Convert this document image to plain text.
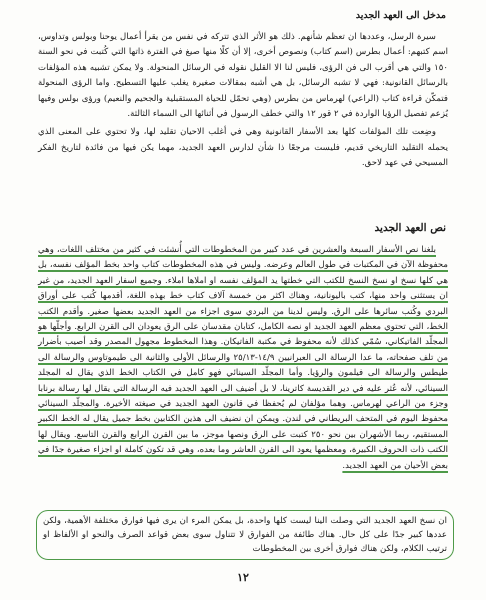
مدخل الى العهد الجديد

سيرة الرسل، وعددها ان تعظم شأنهم. ذلك هو الأثر الذي تتركه في نفس من يقرأ أعمال يوحنا وبولس وتداوس، اسم كتبهم: أعمال بطرس (اسم كتاب) ونصوص أخرى، إلا أن كلًا منها صيغ في الفترة ذاتها التي كُتبت في نحو السنة ١٥٠ والتي هي أقرب الى فن الرؤى، فليس لنا الا القليل نقوله في الرسائل المنحولة. ولا يمكن تشبيه هذه المؤلفات بالرسائل القانونية: فهي لا تشبه الرسائل، بل هي أشبه بمقالات صغيرة يغلب عليها التسطيح. واما الرؤى المنحولة فتمكّن قراءة كتاب (الراعي) لهرماس من بطرس (وهي تحمّل للحياة المستقبلية والجحيم والنعيم) ورؤى بولس وفيها يُزعم تفصيل الرؤيا الواردة في ٢ قور ١٢ والتي خطف الرسول في أثنائها الى السماء الثالثة.

وضِعت تلك المؤلفات كلها بعد الأسفار القانونية وهي في أغلب الاحيان تقليد لها، ولا تحتوي على المعنى الذي يحمله التقليد التاريخي قديم، فليست مرجعًا ذا شأن لدارس العهد الجديد، مهما يكن فيها من فائدة لتاريخ الفكر المسيحي في عهد لاحق.

نص العهد الجديد

بلغنا نص الأسفار السبعة والعشرين في عدد كبير من المخطوطات التي أُنشئت في كثير من مختلف اللغات، وهي محفوظة الآن في المكتبات في طول العالم وعرضه. وليس في هذه المخطوطات كتاب واحد بخط المؤلف نفسه، بل هي كلها نسخ او نسخ النسخ للكتب التي خطتها يد المؤلف نفسه او املاها املاء. وجميع اسفار العهد الجديد، من غير ان يستثنى واحد منها، كتب باليونانية، وهناك اكثر من خمسة آلاف كتاب خط بهذه اللغة، أقدمها كُتب على أوراق البردي وكُتب سائرها على الرق. وليس لدينا من البردي سوى اجزاء من العهد الجديد بعضها صغير. وأقدم الكتب الخط، التي تحتوي معظم العهد الجديد او نصه الكامل، كتابان مقدسان على الرق يعودان الى القرن الرابع. وأجلّها هو المجلّد الفاتيكاني، سُمّي كذلك لأنه محفوظ في مكتبة الفاتيكان. وهذا المخطوط مجهول المصدر وقد أصيب بأضرار من تلف صفحاته، ما عدا الرسالة الى العبرانيين ١٤/٩-٢٥/١٣ والرسائل الأولى والثانية الى طيموتاوس والرسالة الى طيطس والرسالة الى فيلمون والرؤيا. وأما المجلّد السينائي فهو كامل في الكتاب الخط الذي يقال له المجلد السينائي، لأنه عُثر عليه في دير القديسة كاترينا، لا بل أضيف الى العهد الجديد فيه الرسالة التي يقال لها رسالة برنابا وجزء من الراعي لهرماس. وهما مؤلفان لم يُحفظا في قانون العهد الجديد في صيغته الأخيرة. والمجلّد السينائي محفوظ اليوم في المتحف البريطاني في لندن. ويمكن ان نضيف الى هذين الكتابين بخط جميل يقال له الخط الكبير المستقيم، ربما الأشهران بين نحو ٢٥٠ كتبت على الرق ونصها موجز، ما بين القرن الرابع والقرن التاسع. ويقال لها الكتب ذات الحروف الكبيرة، ومعظمها يعود الى القرن العاشر وما بعده، وهي قد تكون كاملة او اجزاء صغيرة جدًا في بعض الأحيان من العهد الجديد.

ان نسخ العهد الجديد التي وصلت الينا ليست كلها واحدة، بل يمكن المرء ان يرى فيها فوارق مختلفة الأهمية، ولكن عددها كبير جدًا على كل حال. هناك طائفة من الفوارق لا تتناول سوى بعض قواعد الصرف والنحو او الألفاظ او ترتيب الكلام، ولكن هناك فوارق أخرى بين المخطوطات
١٢
